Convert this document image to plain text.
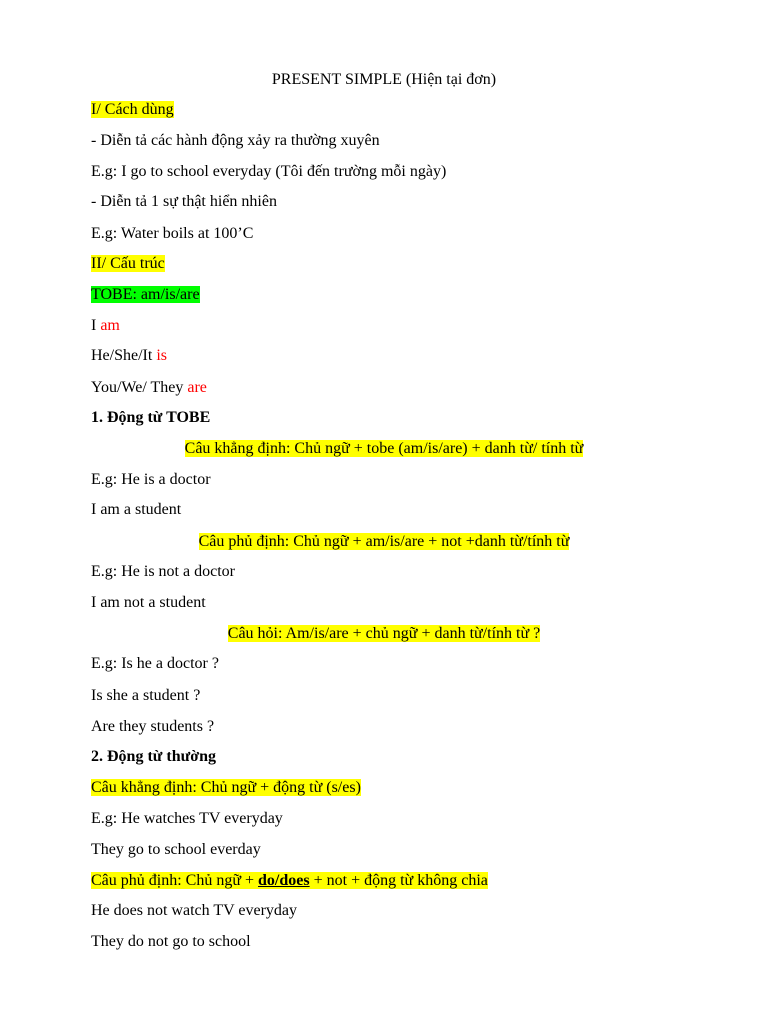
PRESENT SIMPLE (Hiện tại đơn)
I/ Cách dùng
- Diễn tả các hành động xảy ra thường xuyên
E.g: I go to school everyday (Tôi đến trường mỗi ngày)
- Diễn tả 1 sự thật hiển nhiên
E.g: Water boils at 100’C
II/ Cấu trúc
TOBE: am/is/are
I am
He/She/It is
You/We/ They are
1. Động từ TOBE
Câu khẳng định: Chủ ngữ + tobe (am/is/are) + danh từ/ tính từ
E.g: He is a doctor
I am a student
Câu phủ định: Chủ ngữ + am/is/are + not +danh từ/tính từ
E.g: He is not a doctor
I am not a student
Câu hỏi: Am/is/are + chủ ngữ + danh từ/tính từ ?
E.g: Is he a doctor ?
Is she a student ?
Are they students ?
2. Động từ thường
Câu khẳng định: Chủ ngữ + động từ (s/es)
E.g: He watches TV everyday
They go to school everday
Câu phủ định: Chủ ngữ + do/does + not + động từ không chia
He does not watch TV everyday
They do not go to school
